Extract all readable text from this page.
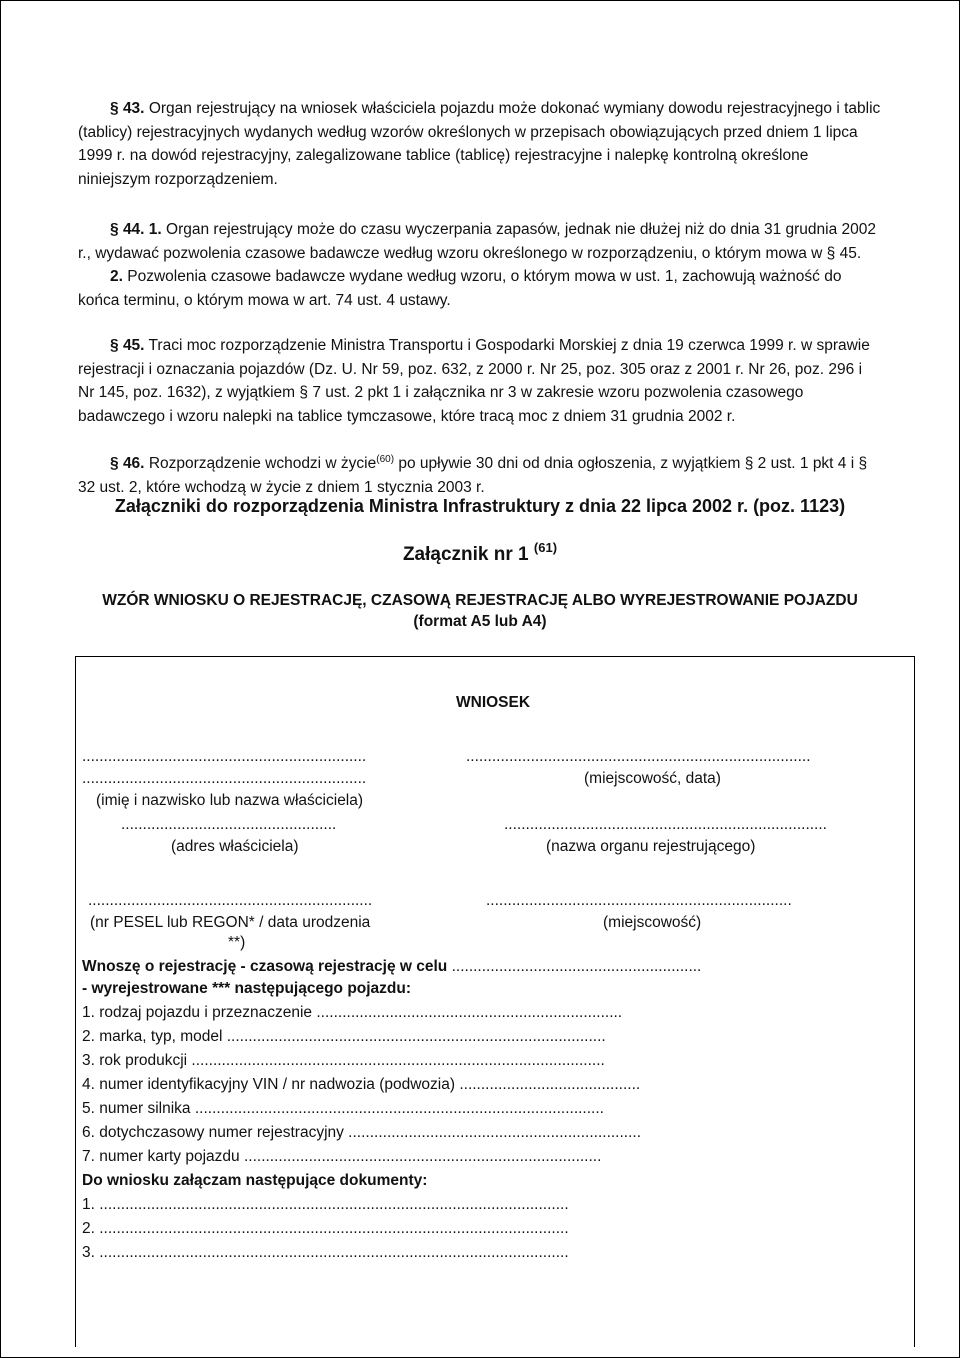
§ 43. Organ rejestrujący na wniosek właściciela pojazdu może dokonać wymiany dowodu rejestracyjnego i tablic
(tablicy) rejestracyjnych wydanych według wzorów określonych w przepisach obowiązujących przed dniem 1 lipca
1999 r. na dowód rejestracyjny, zalegalizowane tablice (tablicę) rejestracyjne i nalepkę kontrolną określone
niniejszym rozporządzeniem.

§ 44. 1. Organ rejestrujący może do czasu wyczerpania zapasów, jednak nie dłużej niż do dnia 31 grudnia 2002
r., wydawać pozwolenia czasowe badawcze według wzoru określonego w rozporządzeniu, o którym mowa w § 45.
2. Pozwolenia czasowe badawcze wydane według wzoru, o którym mowa w ust. 1, zachowują ważność do
końca terminu, o którym mowa w art. 74 ust. 4 ustawy.

§ 45. Traci moc rozporządzenie Ministra Transportu i Gospodarki Morskiej z dnia 19 czerwca 1999 r. w sprawie
rejestracji i oznaczania pojazdów (Dz. U. Nr 59, poz. 632, z 2000 r. Nr 25, poz. 305 oraz z 2001 r. Nr 26, poz. 296 i
Nr 145, poz. 1632), z wyjątkiem § 7 ust. 2 pkt 1 i załącznika nr 3 w zakresie wzoru pozwolenia czasowego
badawczego i wzoru nalepki na tablice tymczasowe, które tracą moc z dniem 31 grudnia 2002 r.

§ 46. Rozporządzenie wchodzi w życie$^{(60)}$ po upływie 30 dni od dnia ogłoszenia, z wyjątkiem § 2 ust. 1 pkt 4 i §
32 ust. 2, które wchodzą w życie z dniem 1 stycznia 2003 r.

Załączniki do rozporządzenia Ministra Infrastruktury z dnia 22 lipca 2002 r. (poz. 1123)

Załącznik nr 1 $^{(61)}$

WZÓR WNIOSKU O REJESTRACJĘ, CZASOWĄ REJESTRACJĘ ALBO WYREJESTROWANIE POJAZDU

(format A5 lub A4)

WNIOSEK

..................................................................

..................................................................

(imię i nazwisko lub nazwa właściciela)

..................................................

(adres właściciela)

................................................................................

(miejscowość, data)

...........................................................................

(nazwa organu rejestrującego)

..................................................................

(nr PESEL lub REGON* / data urodzenia

**)

.......................................................................

(miejscowość)

Wnoszę o rejestrację - czasową rejestrację w celu ..........................................................

- wyrejestrowane *** następującego pojazdu:

1. rodzaj pojazdu i przeznaczenie .......................................................................

2. marka, typ, model ........................................................................................

3. rok produkcji ................................................................................................

4. numer identyfikacyjny VIN / nr nadwozia (podwozia) ..........................................

5. numer silnika ...............................................................................................

6. dotychczasowy numer rejestracyjny ....................................................................

7. numer karty pojazdu ...................................................................................

Do wniosku załączam następujące dokumenty:

1. .............................................................................................................

2. .............................................................................................................

3. .............................................................................................................
